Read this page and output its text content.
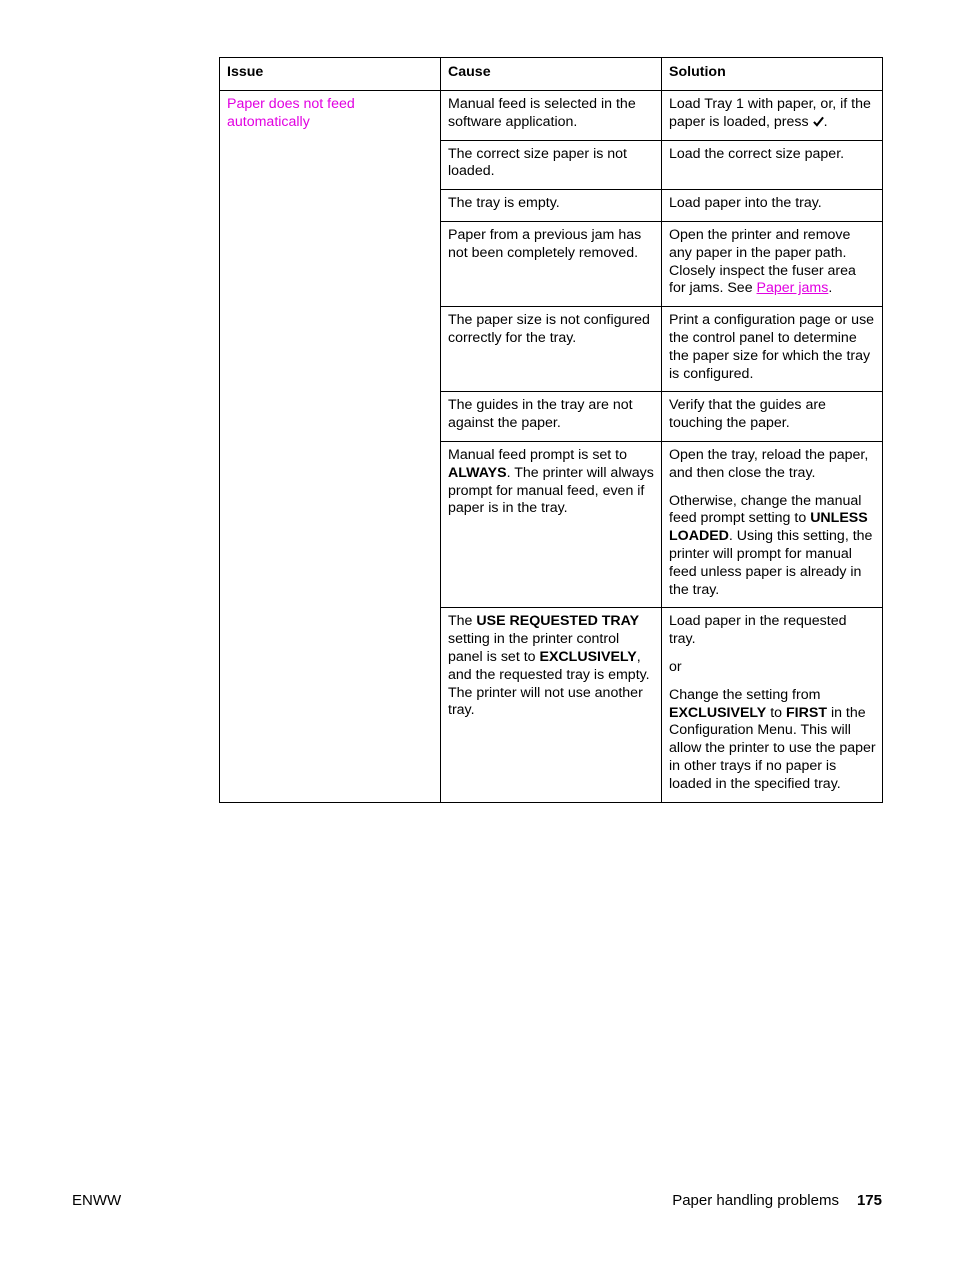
Issue	Cause	Solution
Paper does not feed automatically	Manual feed is selected in the software application.	Load Tray 1 with paper, or, if the paper is loaded, press .
	The correct size paper is not loaded.	Load the correct size paper.
	The tray is empty.	Load paper into the tray.
	Paper from a previous jam has not been completely removed.	Open the printer and remove any paper in the paper path. Closely inspect the fuser area for jams. See Paper jams.
	The paper size is not configured correctly for the tray.	Print a configuration page or use the control panel to determine the paper size for which the tray is configured.
	The guides in the tray are not against the paper.	Verify that the guides are touching the paper.
	Manual feed prompt is set to ALWAYS. The printer will always prompt for manual feed, even if paper is in the tray.	Open the tray, reload the paper, and then close the tray.

Otherwise, change the manual feed prompt setting to UNLESS LOADED. Using this setting, the printer will prompt for manual feed unless paper is already in the tray.

	The USE REQUESTED TRAY setting in the printer control panel is set to EXCLUSIVELY, and the requested tray is empty. The printer will not use another tray.	Load paper in the requested tray.

or

Change the setting from EXCLUSIVELY to FIRST in the Configuration Menu. This will allow the printer to use the paper in other trays if no paper is loaded in the specified tray.

ENWW	Paper handling problems 175
